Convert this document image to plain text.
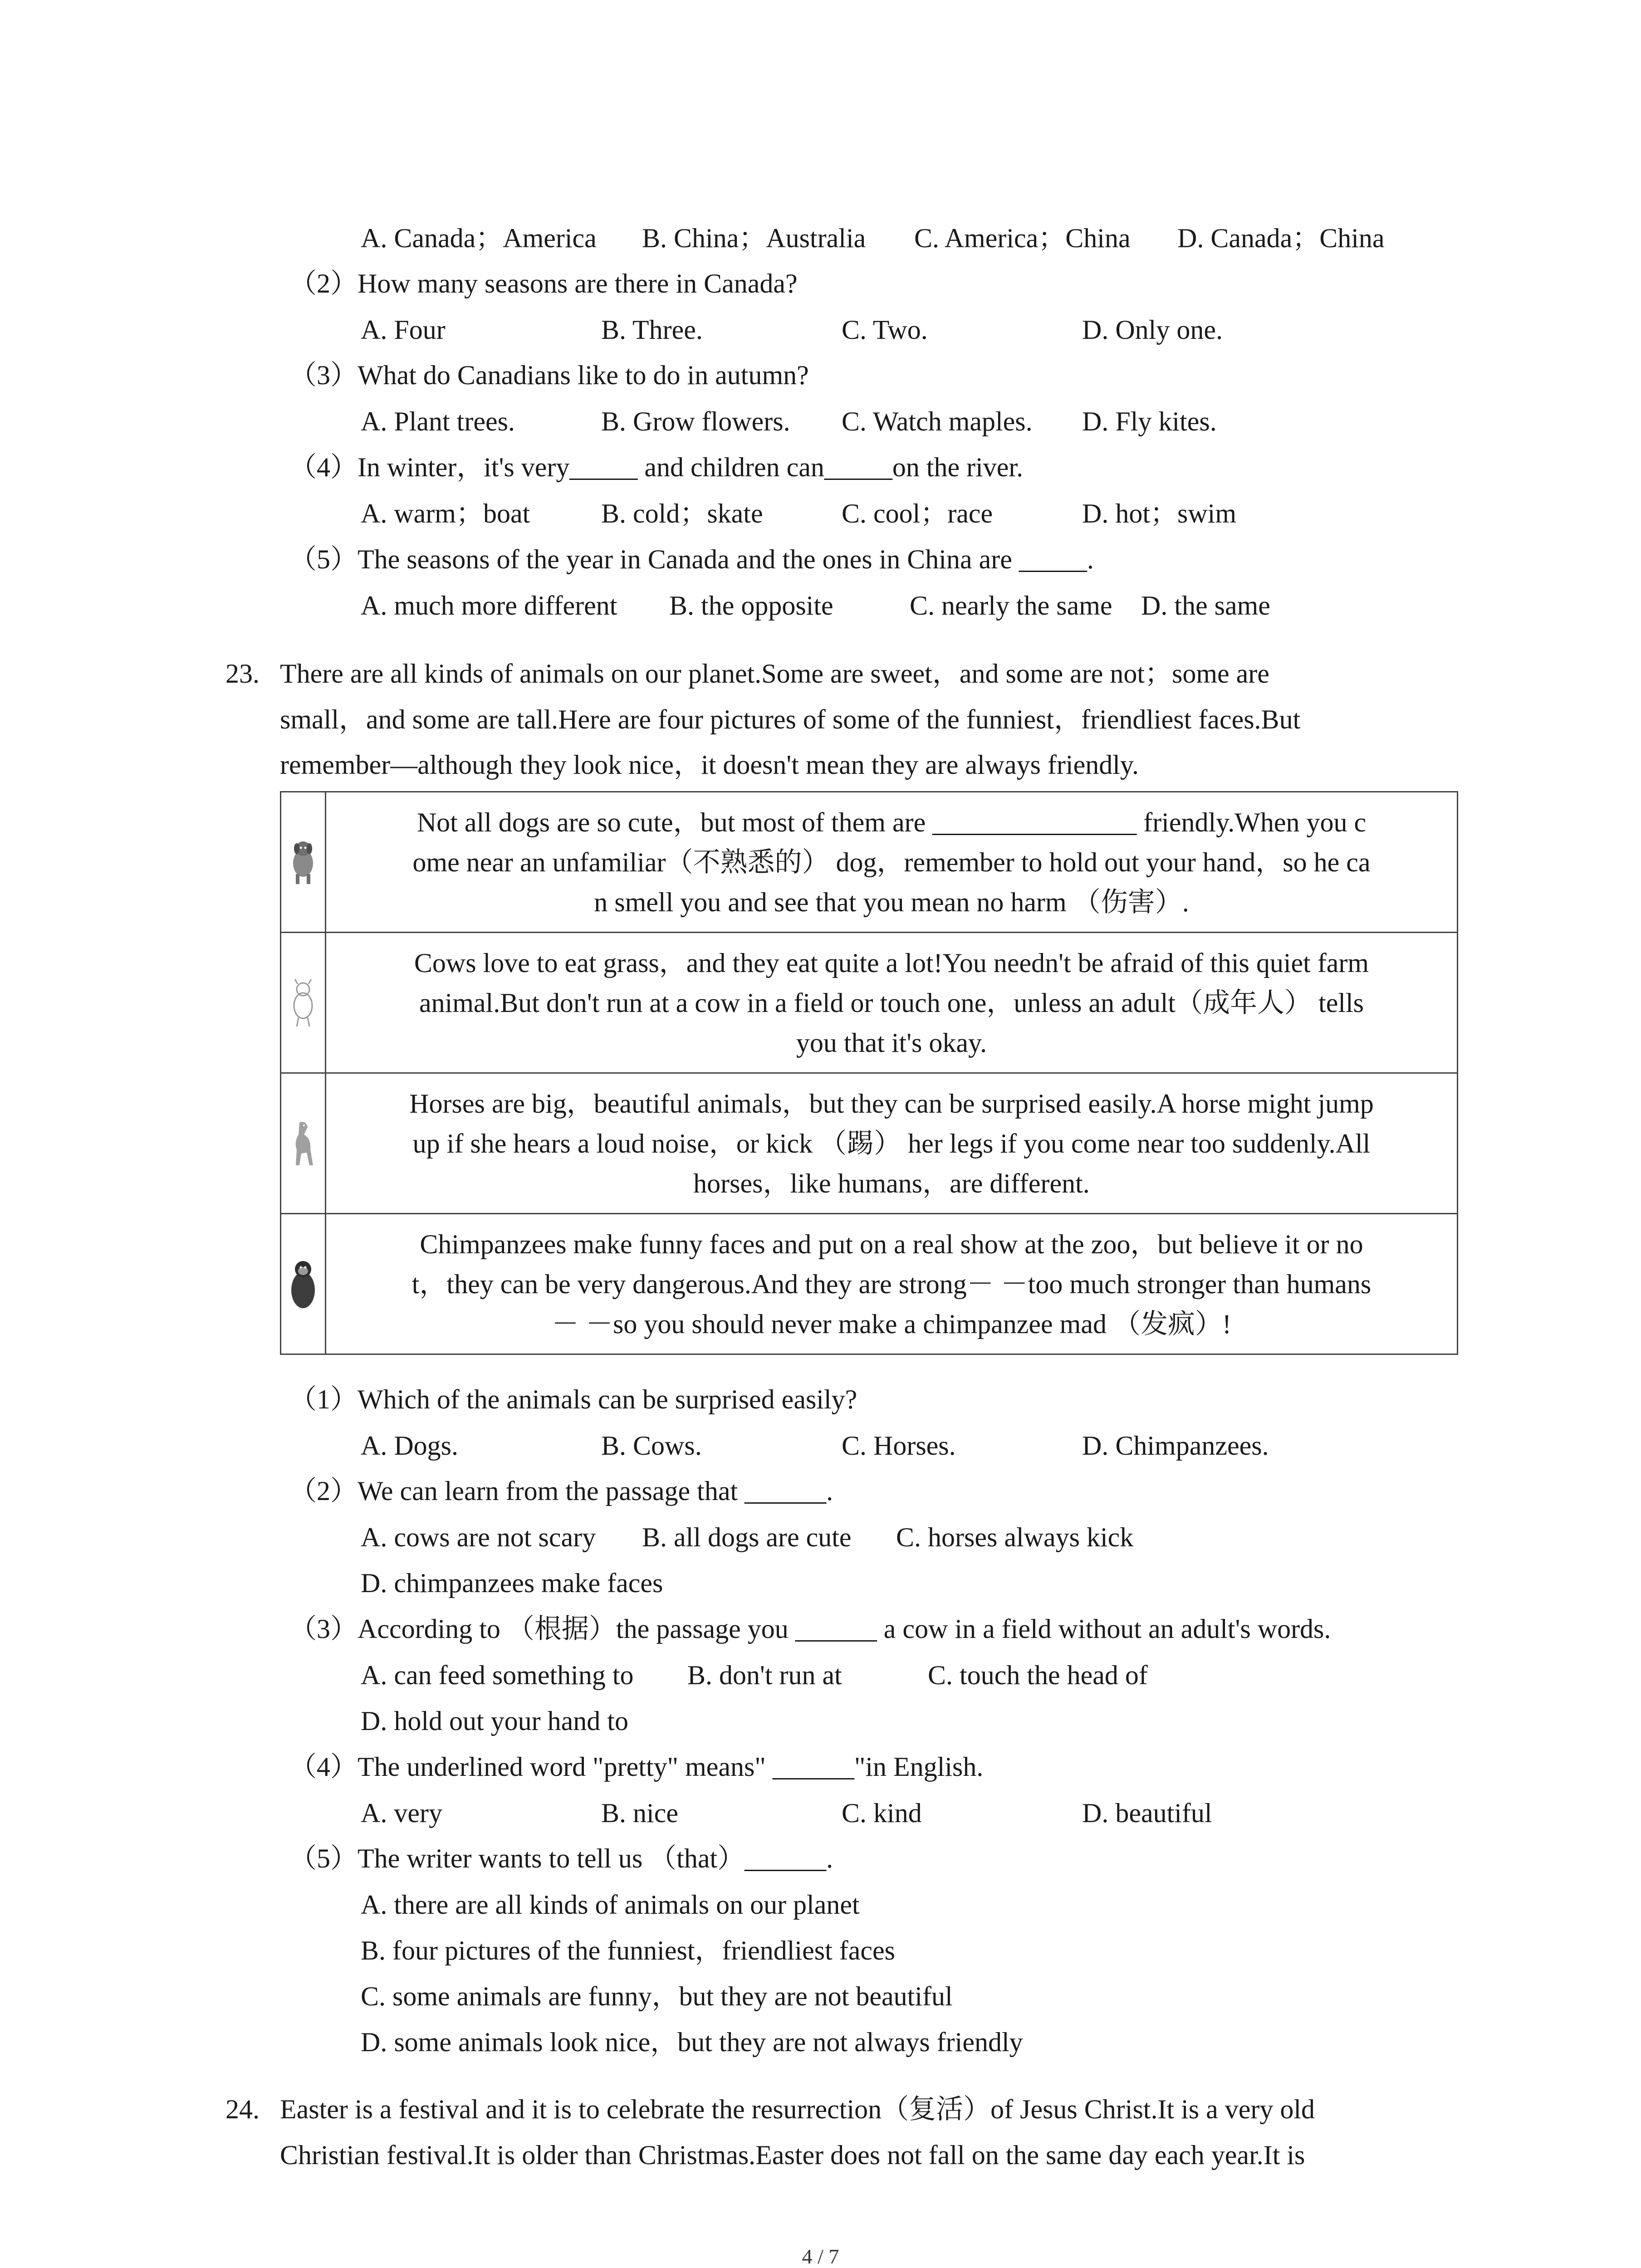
A. Canada；America	B. China；Australia	C. America；China	D. Canada；China
（2）How many seasons are there in Canada?
A. Four	B. Three.	C. Two.	D. Only one.
（3）What do Canadians like to do in autumn?
A. Plant trees.	B. Grow flowers.	C. Watch maples.	D. Fly kites.
（4）In winter，it's very_____ and children can_____on the river.
A. warm；boat	B. cold；skate	C. cool；race	D. hot；swim
（5）The seasons of the year in Canada and the ones in China are _____.
A. much more different	B. the opposite	C. nearly the same	D. the same
23. There are all kinds of animals on our planet.Some are sweet，and some are not；some are
small，and some are tall.Here are four pictures of some of the funniest，friendliest faces.But
remember—although they look nice，it doesn't mean they are always friendly.

Not all dogs are so cute，but most of them are _______________ friendly.When you c
ome near an unfamiliar（不熟悉的） dog，remember to hold out your hand，so he ca
n smell you and see that you mean no harm （伤害）.

Cows love to eat grass，and they eat quite a lot!You needn't be afraid of this quiet farm
animal.But don't run at a cow in a field or touch one，unless an adult（成年人） tells
you that it's okay.

Horses are big，beautiful animals，but they can be surprised easily.A horse might jump
up if she hears a loud noise，or kick （踢） her legs if you come near too suddenly.All
horses，like humans，are different.

Chimpanzees make funny faces and put on a real show at the zoo，but believe it or no
t，they can be very dangerous.And they are strong－ －too much stronger than humans
－ －so you should never make a chimpanzee mad （发疯）!
（1）Which of the animals can be surprised easily?
A. Dogs.	B. Cows.	C. Horses.	D. Chimpanzees.
（2）We can learn from the passage that ______.
A. cows are not scary	B. all dogs are cute	C. horses always kick
D. chimpanzees make faces
（3）According to （根据）the passage you ______ a cow in a field without an adult's words.
A. can feed something to	B. don't run at	C. touch the head of
D. hold out your hand to
（4）The underlined word "pretty" means" ______"in English.
A. very	B. nice	C. kind	D. beautiful
（5）The writer wants to tell us （that）______.
A. there are all kinds of animals on our planet
B. four pictures of the funniest，friendliest faces
C. some animals are funny，but they are not beautiful
D. some animals look nice，but they are not always friendly
24. Easter is a festival and it is to celebrate the resurrection（复活）of Jesus Christ.It is a very old
Christian festival.It is older than Christmas.Easter does not fall on the same day each year.It is
4 / 7
